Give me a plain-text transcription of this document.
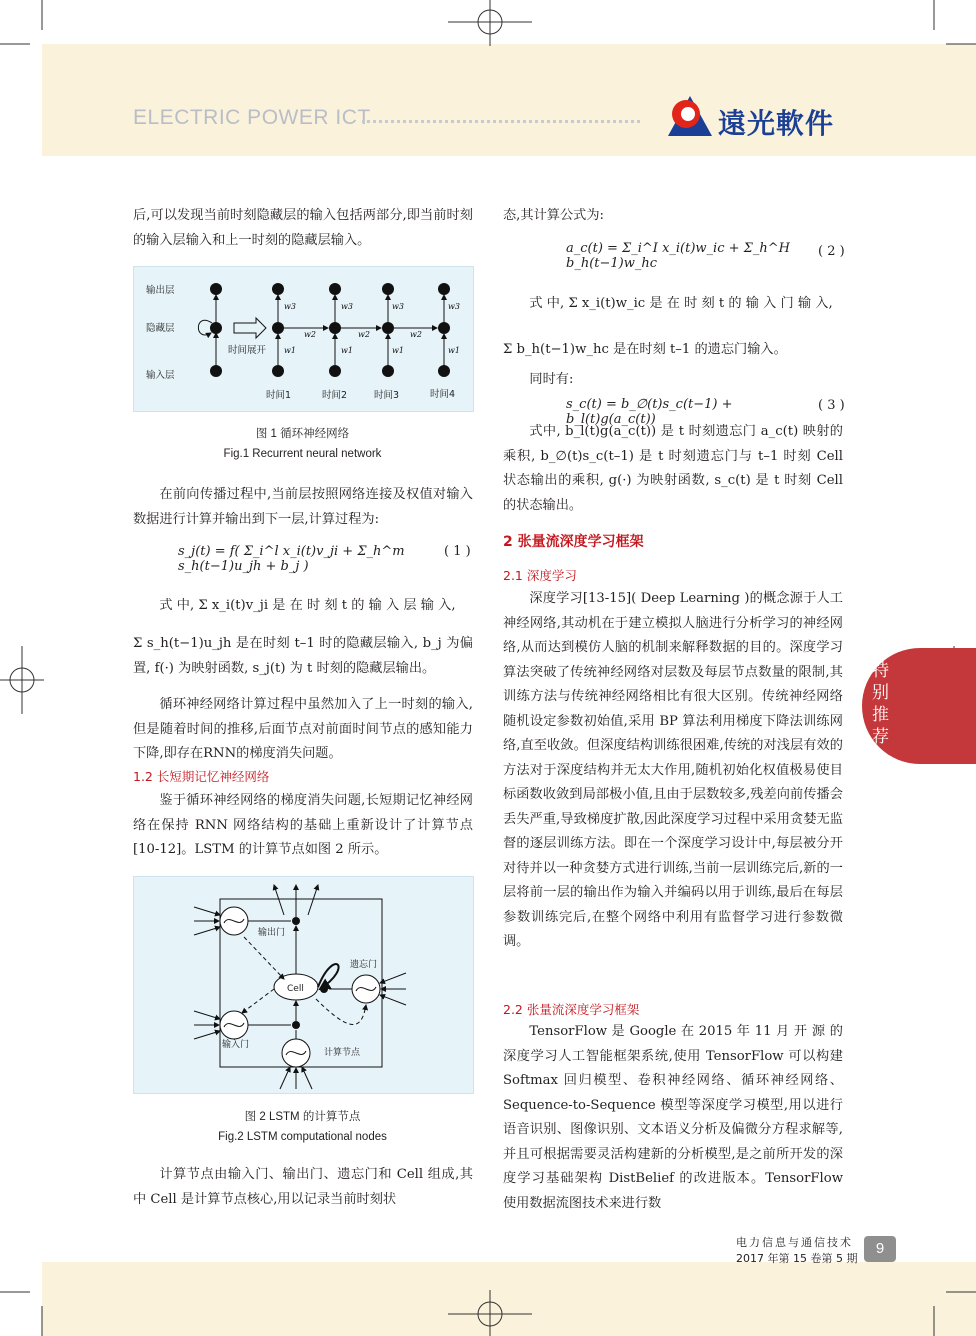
ELECTRIC POWER ICT	遠光軟件
后,可以发现当前时刻隐藏层的输入包括两部分,即当前时刻的输入层输入和上一时刻的隐藏层输入。
w3	w3	w3	w3
w2	w2	w2
w1	w1	w1	w1
输出层
隐藏层
输入层
时间展开
时间1	时间2	时间3	时间4
图 1 循环神经网络
Fig.1 Recurrent neural network
在前向传播过程中,当前层按照网络连接及权值对输入数据进行计算并输出到下一层,计算过程为:
s_j(t) = f( Σ_i^l x_i(t)v_ji + Σ_h^m s_h(t−1)u_jh + b_j )
( 1 )
式 中, Σ x_i(t)v_ji 是 在 时 刻 t 的 输 入 层 输 入,
Σ s_h(t−1)u_jh 是在时刻 t–1 时的隐藏层输入, b_j 为偏置, f(·) 为映射函数, s_j(t) 为 t 时刻的隐藏层输出。
循环神经网络计算过程中虽然加入了上一时刻的输入,但是随着时间的推移,后面节点对前面时间节点的感知能力下降,即存在RNN的梯度消失问题。
1.2 长短期记忆神经网络
鉴于循环神经网络的梯度消失问题,长短期记忆神经网络在保持 RNN 网络结构的基础上重新设计了计算节点[10-12]。LSTM 的计算节点如图 2 所示。
输出门
遗忘门
Cell
输入门
计算节点
图 2 LSTM 的计算节点
Fig.2 LSTM computational nodes
计算节点由输入门、输出门、遗忘门和 Cell 组成,其中 Cell 是计算节点核心,用以记录当前时刻状
态,其计算公式为:
a_c(t) = Σ_i^I x_i(t)w_ic + Σ_h^H b_h(t−1)w_hc
( 2 )
式 中, Σ x_i(t)w_ic 是 在 时 刻 t 的 输 入 门 输 入,
Σ b_h(t−1)w_hc 是在时刻 t–1 的遗忘门输入。
同时有:
s_c(t) = b_∅(t)s_c(t−1) + b_l(t)g(a_c(t))
( 3 )
式中, b_l(t)g(a_c(t)) 是 t 时刻遗忘门 a_c(t) 映射的乘积, b_∅(t)s_c(t–1) 是 t 时刻遗忘门与 t–1 时刻 Cell 状态输出的乘积, g(·) 为映射函数, s_c(t) 是 t 时刻 Cell 的状态输出。
2 张量流深度学习框架
2.1 深度学习
深度学习[13-15]( Deep Learning )的概念源于人工神经网络,其动机在于建立模拟人脑进行分析学习的神经网络,从而达到模仿人脑的机制来解释数据的目的。深度学习算法突破了传统神经网络对层数及每层节点数量的限制,其训练方法与传统神经网络相比有很大区别。传统神经网络随机设定参数初始值,采用 BP 算法利用梯度下降法训练网络,直至收敛。但深度结构训练很困难,传统的对浅层有效的方法对于深度结构并无太大作用,随机初始化权值极易使目标函数收敛到局部极小值,且由于层数较多,残差向前传播会丢失严重,导致梯度扩散,因此深度学习过程中采用贪婪无监督的逐层训练方法。即在一个深度学习设计中,每层被分开对待并以一种贪婪方式进行训练,当前一层训练完后,新的一层将前一层的输出作为输入并编码以用于训练,最后在每层参数训练完后,在整个网络中利用有监督学习进行参数微调。
2.2 张量流深度学习框架
TensorFlow 是 Google 在 2015 年 11 月 开 源 的深度学习人工智能框架系统,使用 TensorFlow 可以构建 Softmax 回归模型、卷积神经网络、循环神经网络、Sequence-to-Sequence 模型等深度学习模型,用以进行语音识别、图像识别、文本语义分析及偏微分方程求解等,并且可根据需要灵活构建新的分析模型,是之前所开发的深度学习基础架构 DistBelief 的改进版本。TensorFlow 使用数据流图技术来进行数
特别推荐
电力信息与通信技术
2017 年第 15 卷第 5 期
9
